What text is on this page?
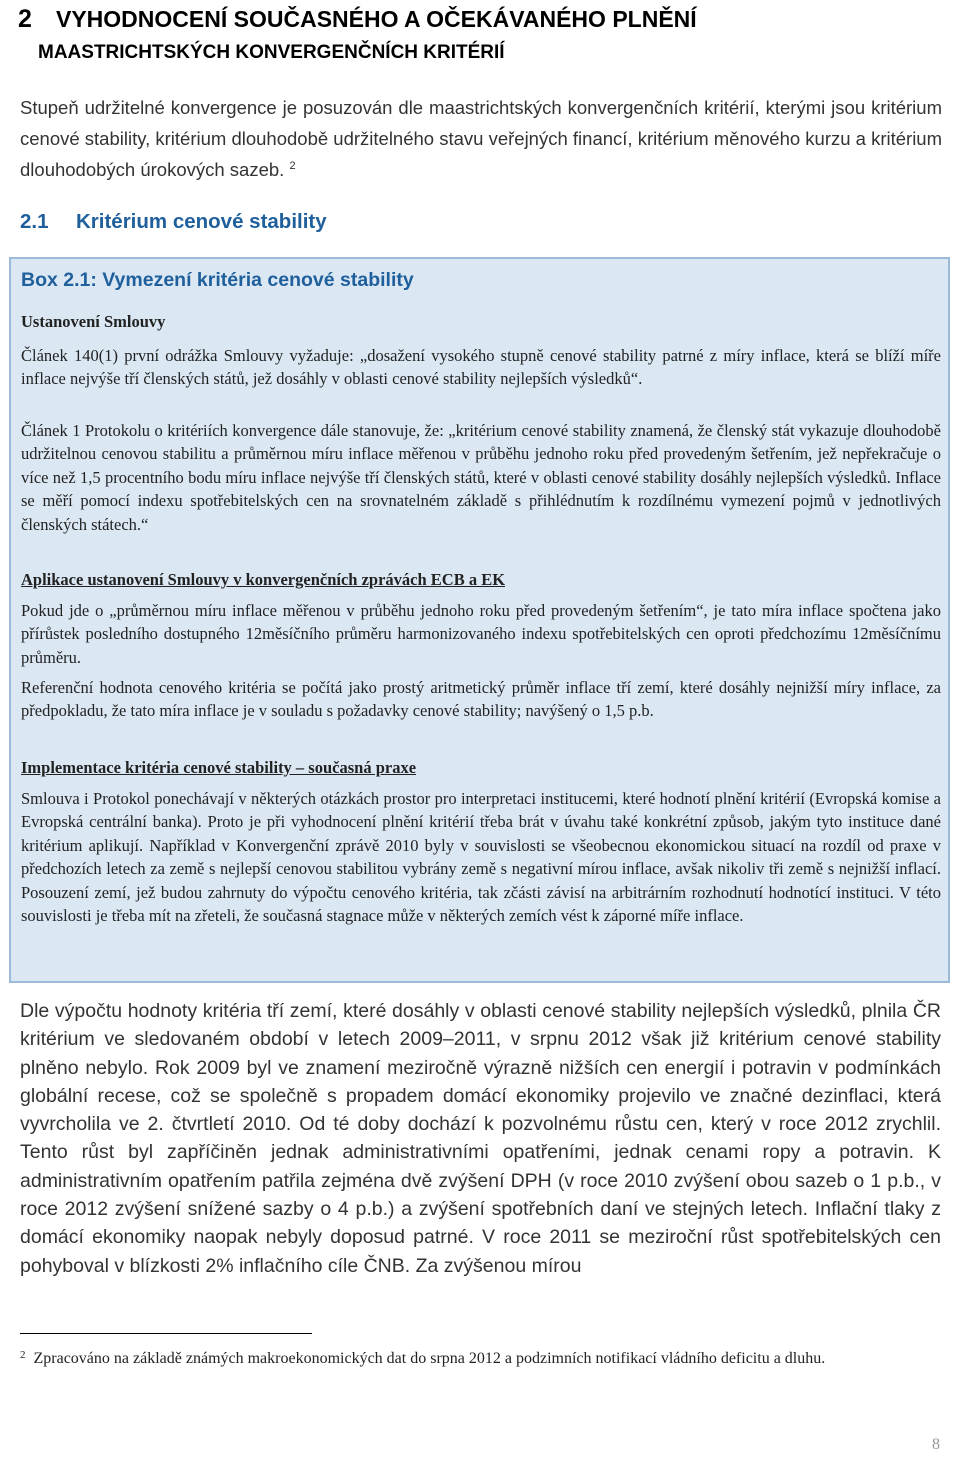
2 VYHODNOCENÍ SOUČASNÉHO A OČEKÁVANÉHO PLNĚNÍ
MAASTRICHTSKÝCH KONVERGENČNÍCH KRITÉRIÍ

Stupeň udržitelné konvergence je posuzován dle maastrichtských konvergenčních kritérií, kterými jsou kritérium cenové stability, kritérium dlouhodobě udržitelného stavu veřejných financí, kritérium měnového kurzu a kritérium dlouhodobých úrokových sazeb. $^2$

2.1 Kritérium cenové stability
Box 2.1: Vymezení kritéria cenové stability

Ustanovení Smlouvy

Článek 140(1) první odrážka Smlouvy vyžaduje: „dosažení vysokého stupně cenové stability patrné z míry inflace, která se blíží míře inflace nejvýše tří členských států, jež dosáhly v oblasti cenové stability nejlepších výsledků“.

Článek 1 Protokolu o kritériích konvergence dále stanovuje, že: „kritérium cenové stability znamená, že členský stát vykazuje dlouhodobě udržitelnou cenovou stabilitu a průměrnou míru inflace měřenou v průběhu jednoho roku před provedeným šetřením, jež nepřekračuje o více než 1,5 procentního bodu míru inflace nejvýše tří členských států, které v oblasti cenové stability dosáhly nejlepších výsledků. Inflace se měří pomocí indexu spotřebitelských cen na srovnatelném základě s přihlédnutím k rozdílnému vymezení pojmů v jednotlivých členských státech.“

Aplikace ustanovení Smlouvy v konvergenčních zprávách ECB a EK

Pokud jde o „průměrnou míru inflace měřenou v průběhu jednoho roku před provedeným šetřením“, je tato míra inflace spočtena jako přírůstek posledního dostupného 12měsíčního průměru harmonizovaného indexu spotřebitelských cen oproti předchozímu 12měsíčnímu průměru.

Referenční hodnota cenového kritéria se počítá jako prostý aritmetický průměr inflace tří zemí, které dosáhly nejnižší míry inflace, za předpokladu, že tato míra inflace je v souladu s požadavky cenové stability; navýšený o 1,5 p.b.

Implementace kritéria cenové stability – současná praxe

Smlouva i Protokol ponechávají v některých otázkách prostor pro interpretaci institucemi, které hodnotí plnění kritérií (Evropská komise a Evropská centrální banka). Proto je při vyhodnocení plnění kritérií třeba brát v úvahu také konkrétní způsob, jakým tyto instituce dané kritérium aplikují. Například v Konvergenční zprávě 2010 byly v souvislosti se všeobecnou ekonomickou situací na rozdíl od praxe v předchozích letech za země s nejlepší cenovou stabilitou vybrány země s negativní mírou inflace, avšak nikoliv tři země s nejnižší inflací. Posouzení zemí, jež budou zahrnuty do výpočtu cenového kritéria, tak zčásti závisí na arbitrárním rozhodnutí hodnotící instituci. V této souvislosti je třeba mít na zřeteli, že současná stagnace může v některých zemích vést k záporné míře inflace.

Dle výpočtu hodnoty kritéria tří zemí, které dosáhly v oblasti cenové stability nejlepších výsledků, plnila ČR kritérium ve sledovaném období v letech 2009–2011, v srpnu 2012 však již kritérium cenové stability plněno nebylo. Rok 2009 byl ve znamení meziročně výrazně nižších cen energií i potravin v podmínkách globální recese, což se společně s propadem domácí ekonomiky projevilo ve značné dezinflaci, která vyvrcholila ve 2. čtvrtletí 2010. Od té doby dochází k pozvolnému růstu cen, který v roce 2012 zrychlil. Tento růst byl zapříčiněn jednak administrativními opatřeními, jednak cenami ropy a potravin. K administrativním opatřením patřila zejména dvě zvýšení DPH (v roce 2010 zvýšení obou sazeb o 1 p.b., v roce 2012 zvýšení snížené sazby o 4 p.b.) a zvýšení spotřebních daní ve stejných letech. Inflační tlaky z domácí ekonomiky naopak nebyly doposud patrné. V roce 2011 se meziroční růst spotřebitelských cen pohyboval v blízkosti 2% inflačního cíle ČNB. Za zvýšenou mírou

$^2$ Zpracováno na základě známých makroekonomických dat do srpna 2012 a podzimních notifikací vládního deficitu a dluhu.

8
